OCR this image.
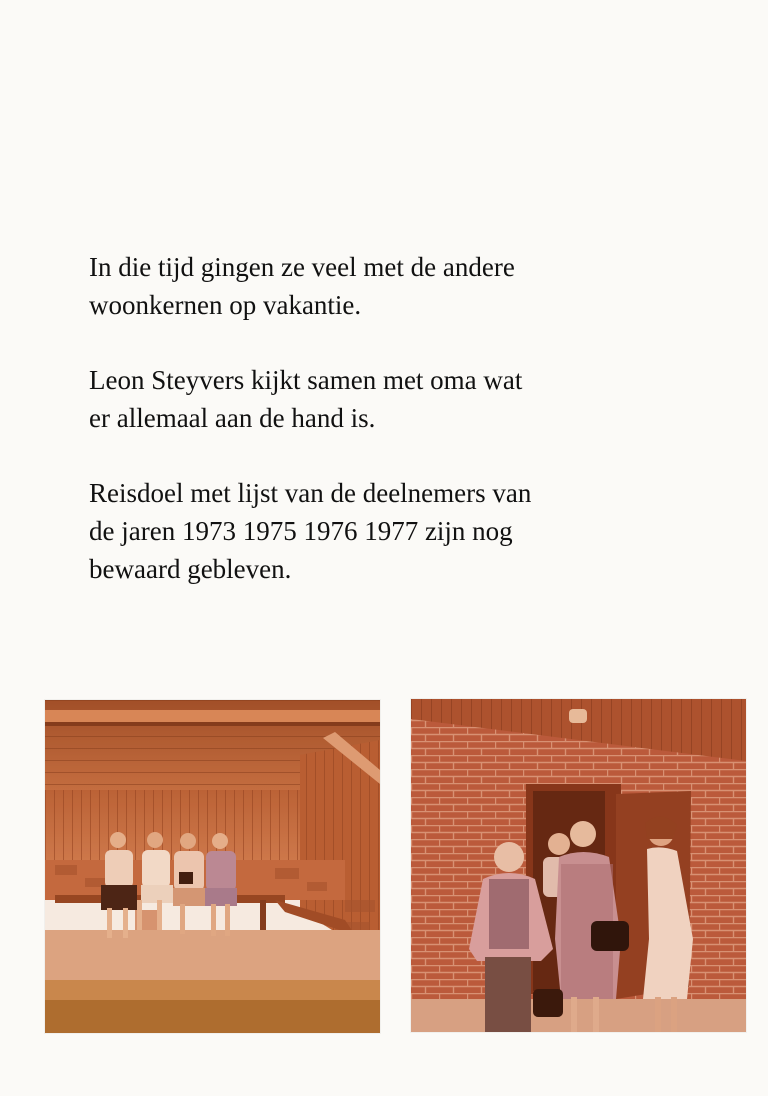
In die tijd gingen ze veel met de andere
woonkernen op vakantie.

Leon Steyvers kijkt samen met oma wat
er allemaal aan de hand is.

Reisdoel met lijst van de deelnemers van
de jaren 1973 1975 1976 1977 zijn nog
bewaard gebleven.
